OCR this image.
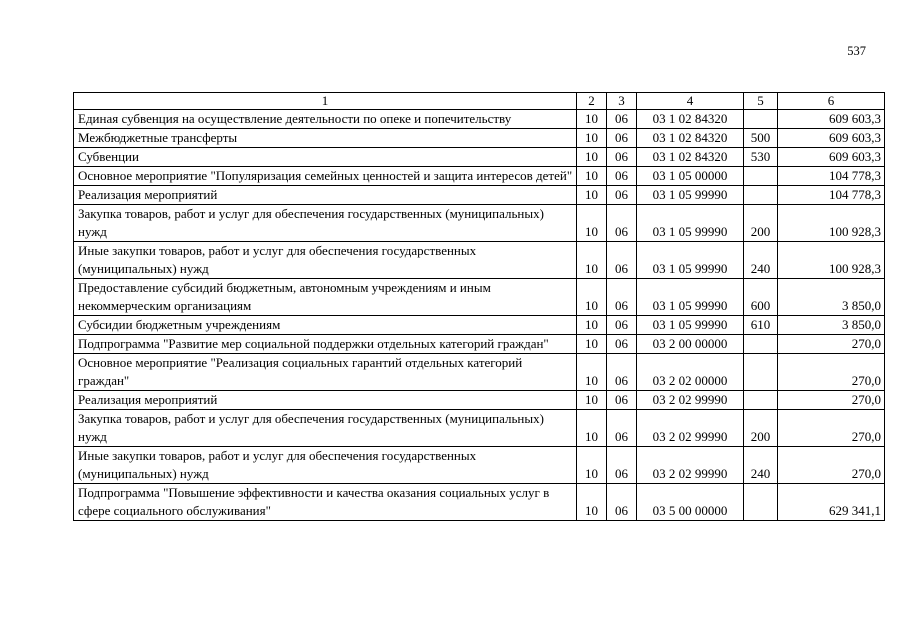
537
1	2	3	4	5	6
Единая субвенция на осуществление деятельности по опеке и попечительству	10	06	03 1 02 84320		609 603,3
Межбюджетные трансферты	10	06	03 1 02 84320	500	609 603,3
Субвенции	10	06	03 1 02 84320	530	609 603,3
Основное мероприятие "Популяризация семейных ценностей и защита интересов детей"	10	06	03 1 05 00000		104 778,3
Реализация мероприятий	10	06	03 1 05 99990		104 778,3
Закупка товаров, работ и услуг для обеспечения государственных (муниципальных) нужд	10	06	03 1 05 99990	200	100 928,3
Иные закупки товаров, работ и услуг для обеспечения государственных (муниципальных) нужд	10	06	03 1 05 99990	240	100 928,3
Предоставление субсидий бюджетным, автономным учреждениям и иным некоммерческим организациям	10	06	03 1 05 99990	600	3 850,0
Субсидии бюджетным учреждениям	10	06	03 1 05 99990	610	3 850,0
Подпрограмма "Развитие мер социальной поддержки отдельных категорий граждан"	10	06	03 2 00 00000		270,0
Основное мероприятие "Реализация социальных гарантий отдельных категорий граждан"	10	06	03 2 02 00000		270,0
Реализация мероприятий	10	06	03 2 02 99990		270,0
Закупка товаров, работ и услуг для обеспечения государственных (муниципальных) нужд	10	06	03 2 02 99990	200	270,0
Иные закупки товаров, работ и услуг для обеспечения государственных (муниципальных) нужд	10	06	03 2 02 99990	240	270,0
Подпрограмма "Повышение эффективности и качества оказания социальных услуг в сфере социального обслуживания"	10	06	03 5 00 00000		629 341,1
